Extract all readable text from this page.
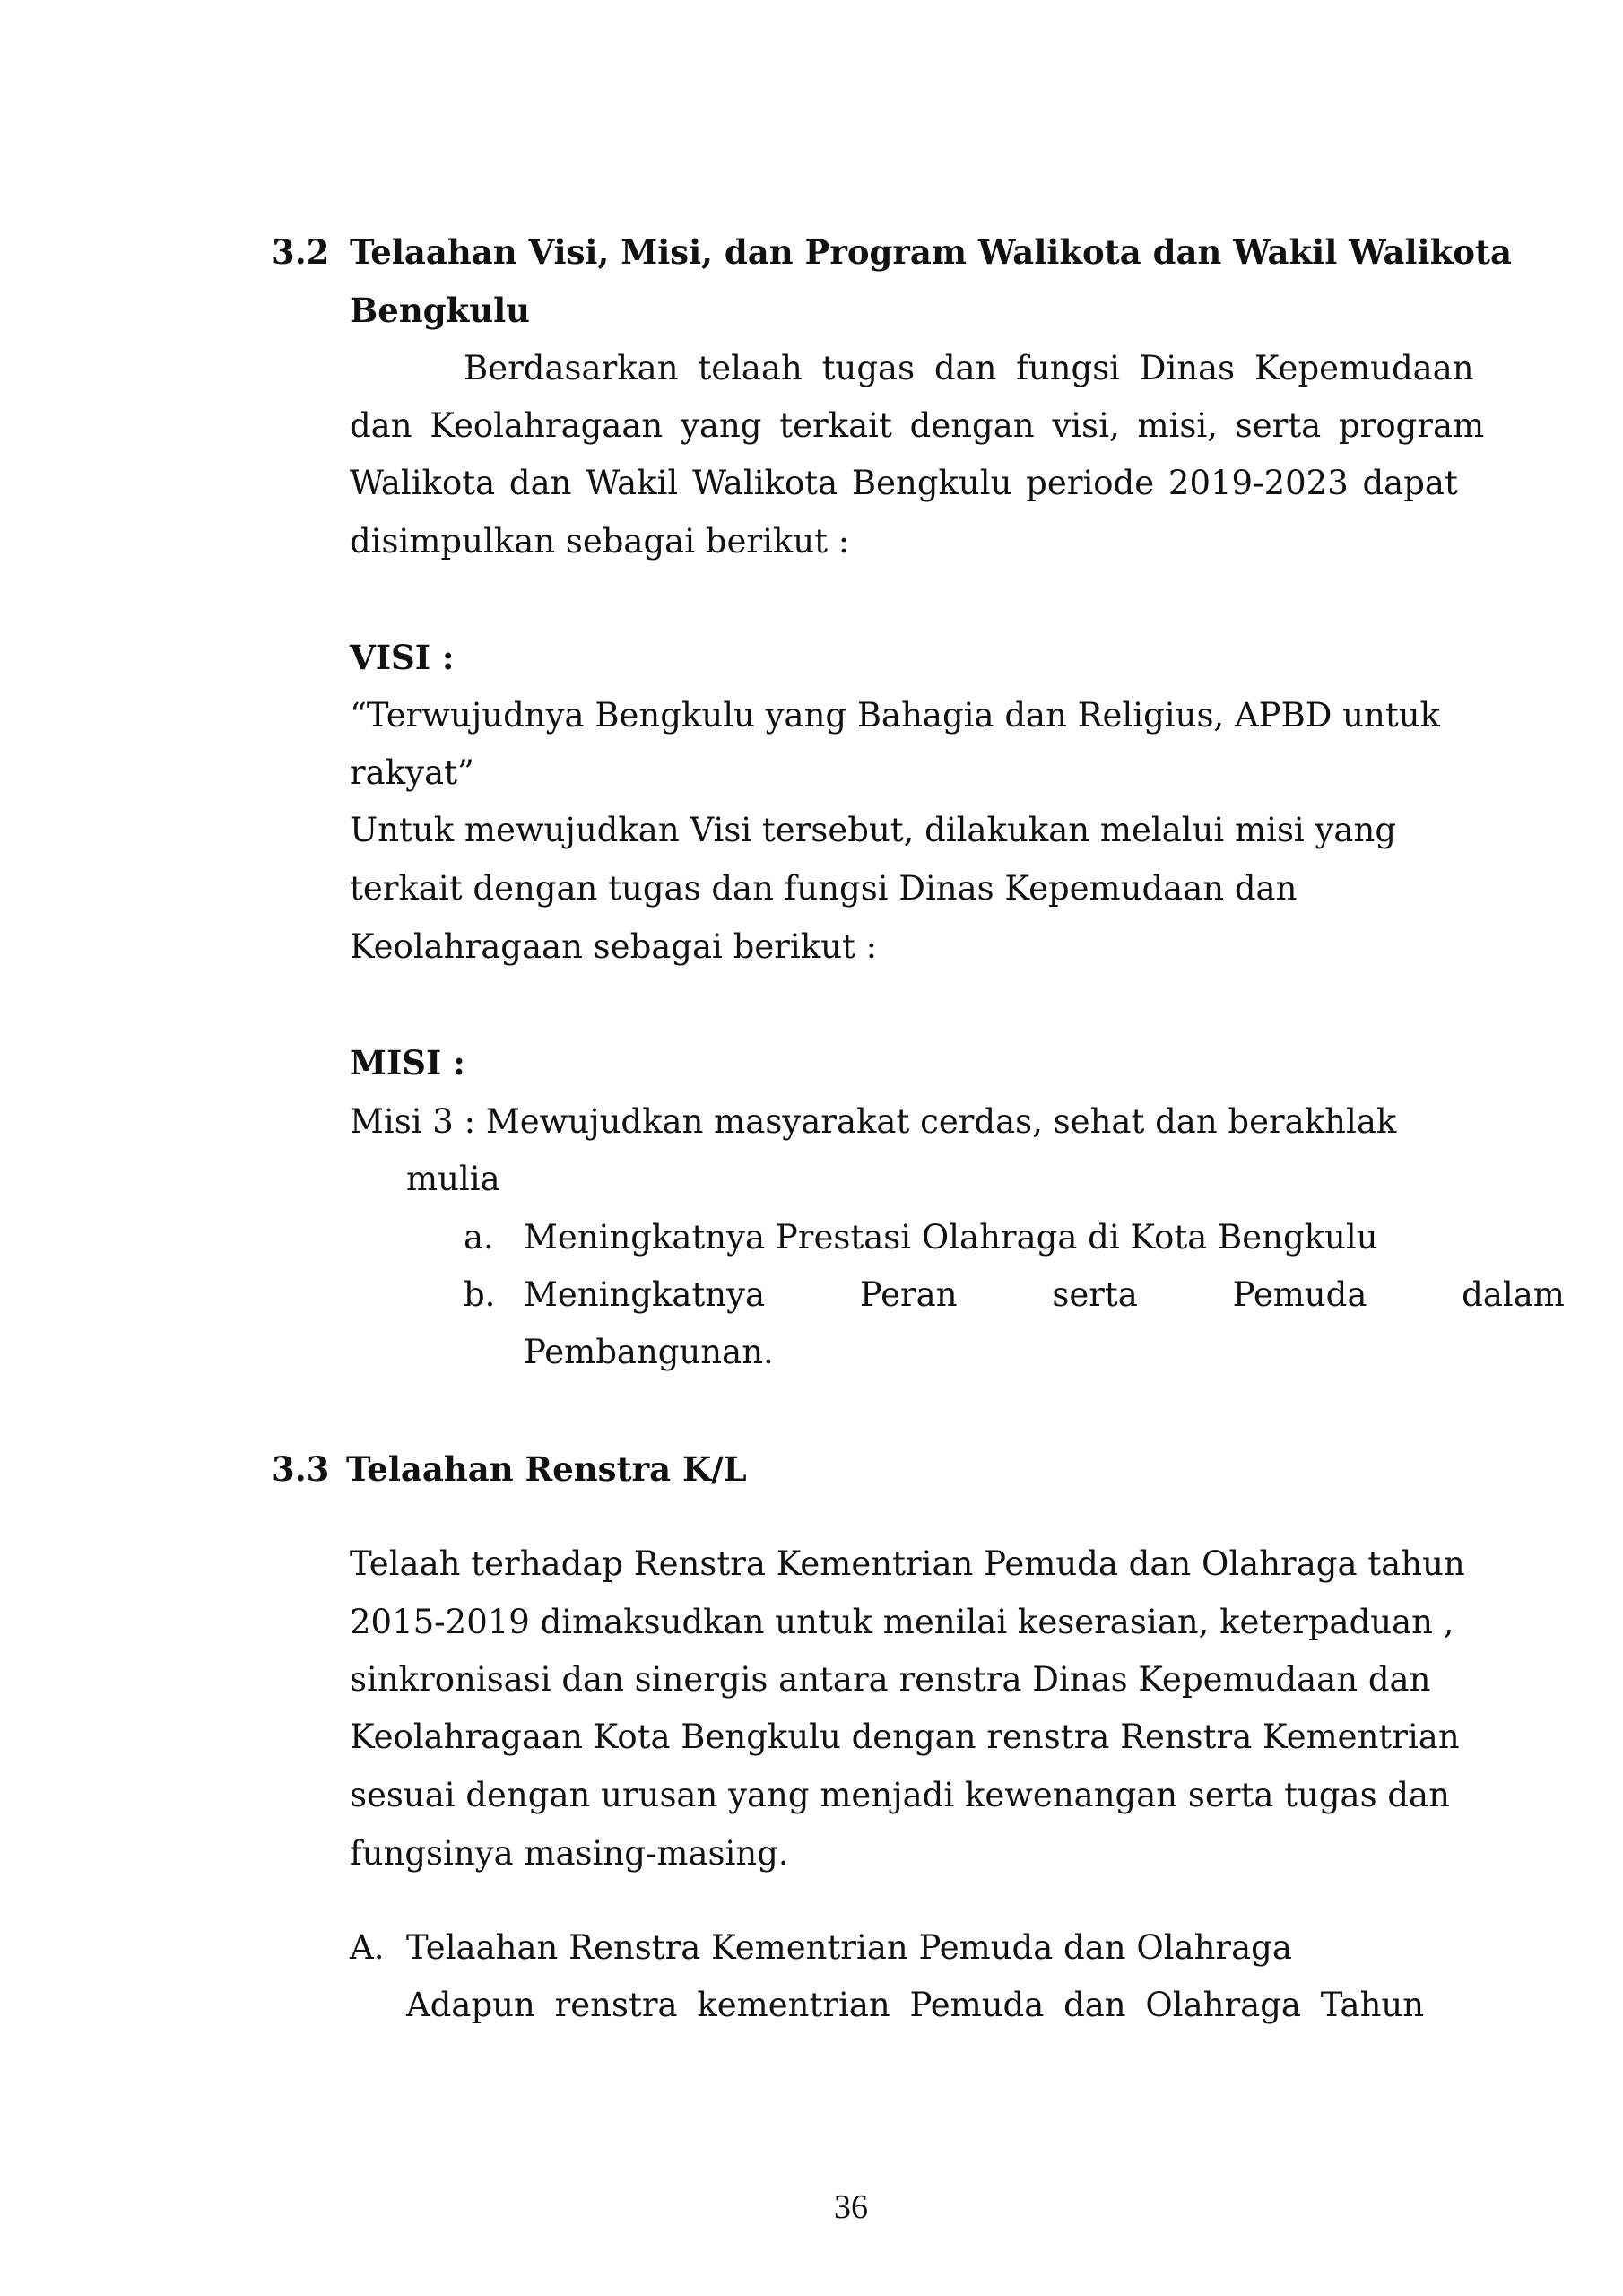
3.2 Telaahan Visi, Misi, dan Program Walikota dan Wakil Walikota
Bengkulu
Berdasarkan telaah tugas dan fungsi Dinas Kepemudaan
dan Keolahragaan yang terkait dengan visi, misi, serta program
Walikota dan Wakil Walikota Bengkulu periode 2019-2023 dapat
disimpulkan sebagai berikut :
VISI :
“Terwujudnya Bengkulu yang Bahagia dan Religius, APBD untuk
rakyat”
Untuk mewujudkan Visi tersebut, dilakukan melalui misi yang
terkait dengan tugas dan fungsi Dinas Kepemudaan dan
Keolahragaan sebagai berikut :
MISI :
Misi 3 : Mewujudkan masyarakat cerdas, sehat dan berakhlak
mulia
a. Meningkatnya Prestasi Olahraga di Kota Bengkulu
b. Meningkatnya Peran serta Pemuda dalam
Pembangunan.
3.3 Telaahan Renstra K/L
Telaah terhadap Renstra Kementrian Pemuda dan Olahraga tahun
2015-2019 dimaksudkan untuk menilai keserasian, keterpaduan ,
sinkronisasi dan sinergis antara renstra Dinas Kepemudaan dan
Keolahragaan Kota Bengkulu dengan renstra Renstra Kementrian
sesuai dengan urusan yang menjadi kewenangan serta tugas dan
fungsinya masing-masing.
A. Telaahan Renstra Kementrian Pemuda dan Olahraga
Adapun renstra kementrian Pemuda dan Olahraga Tahun
36
